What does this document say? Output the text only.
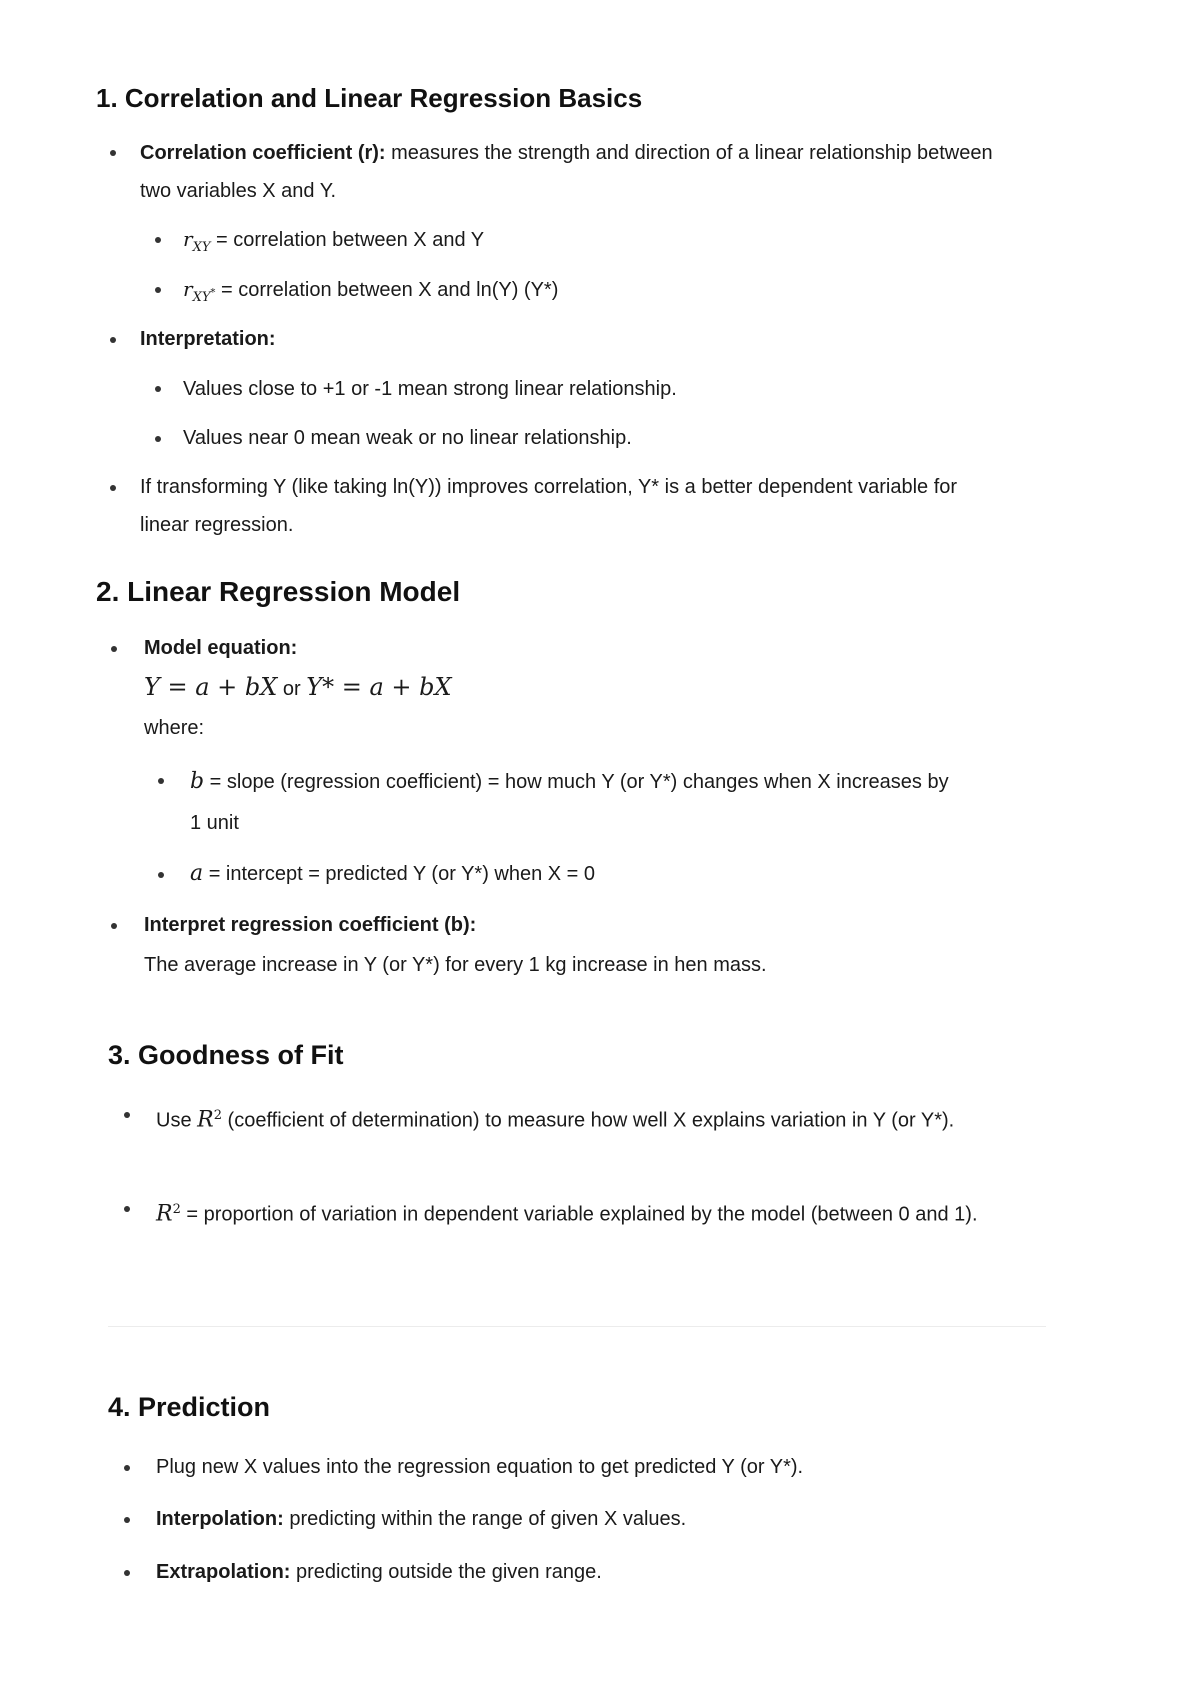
1. Correlation and Linear Regression Basics
Correlation coefficient (r): measures the strength and direction of a linear relationship between two variables X and Y.
$r_{XY}$ = correlation between X and Y
$r_{XY^*}$ = correlation between X and ln(Y) (Y*)
Interpretation:
Values close to +1 or -1 mean strong linear relationship.
Values near 0 mean weak or no linear relationship.
If transforming Y (like taking ln(Y)) improves correlation, Y* is a better dependent variable for linear regression.
2. Linear Regression Model
Model equation:
Y = a + bX or Y* = a + bX
where:
b = slope (regression coefficient) = how much Y (or Y*) changes when X increases by 1 unit
a = intercept = predicted Y (or Y*) when X = 0
Interpret regression coefficient (b):
The average increase in Y (or Y*) for every 1 kg increase in hen mass.
3. Goodness of Fit
Use $R^2$ (coefficient of determination) to measure how well X explains variation in Y (or Y*).
$R^2$ = proportion of variation in dependent variable explained by the model (between 0 and 1).
4. Prediction
Plug new X values into the regression equation to get predicted Y (or Y*).
Interpolation: predicting within the range of given X values.
Extrapolation: predicting outside the given range.
